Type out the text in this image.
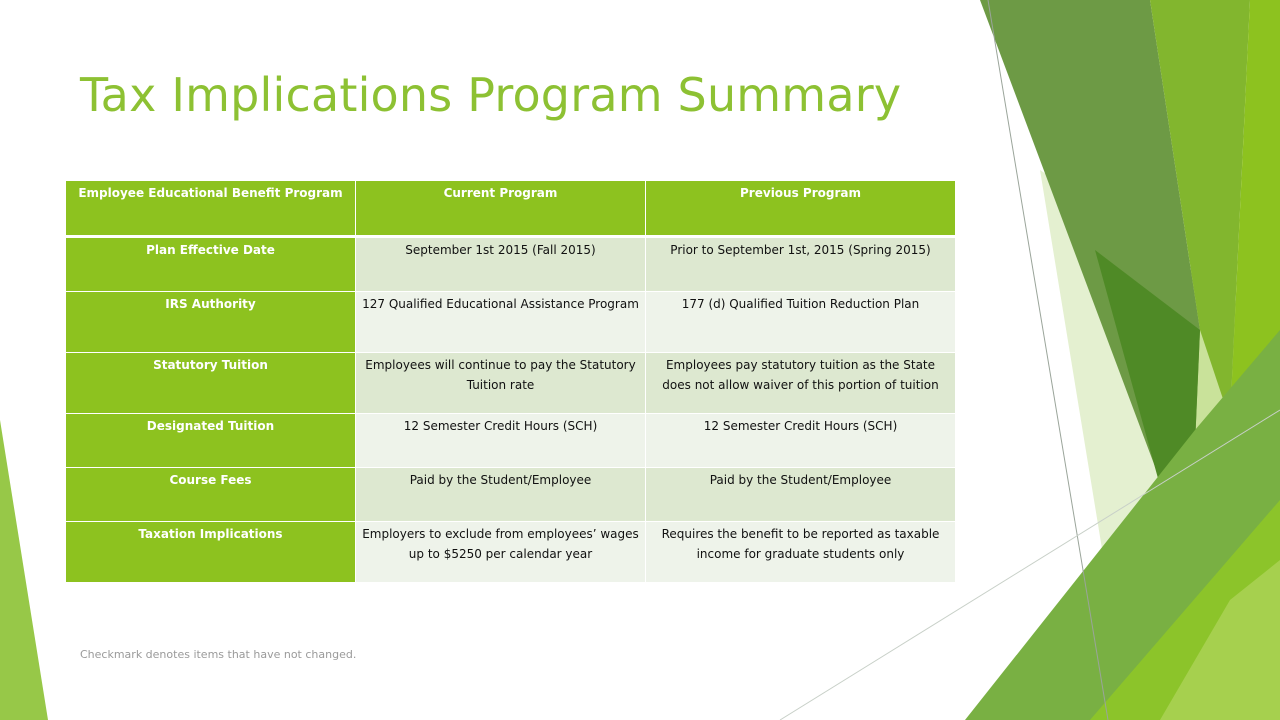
Tax Implications Program Summary
Employee Educational Benefit Program	Current Program	Previous Program
Plan Effective Date	September 1st 2015 (Fall 2015)	Prior to September 1st, 2015 (Spring 2015)
IRS Authority	127 Qualified Educational Assistance Program	177 (d) Qualified Tuition Reduction Plan
Statutory Tuition	Employees will continue to pay the Statutory Tuition rate	Employees pay statutory tuition as the State does not allow waiver of this portion of tuition
Designated Tuition	12 Semester Credit Hours (SCH)	12 Semester Credit Hours (SCH)
Course Fees	Paid by the Student/Employee	Paid by the Student/Employee
Taxation Implications	Employers to exclude from employees’ wages up to $5250 per calendar year	Requires the benefit to be reported as taxable income for graduate students only
Checkmark denotes items that have not changed.
